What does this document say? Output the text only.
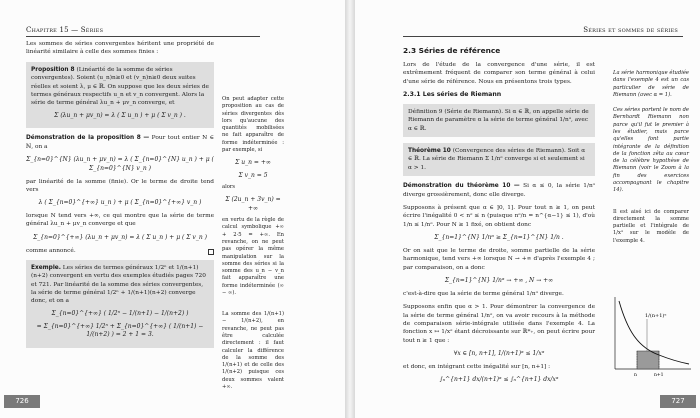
Chapitre 15 — Séries

Les sommes de séries convergentes héritent une propriété de linéarité similaire à celle des sommes finies :

Proposition 8 (Linéarité de la somme de séries convergentes). Soient (u_n)n≥0 et (v_n)n≥0 deux suites réelles et soient λ, μ ∈ ℝ. On suppose que les deux séries de termes généraux respectifs u_n et v_n convergent. Alors la série de terme général λu_n + μv_n converge, et
Σ (λu_n + μv_n) = λ ( Σ u_n ) + μ ( Σ v_n ) .

Démonstration de la proposition 8 — Pour tout entier N ∈ ℕ, on a

Σ_{n=0}^{N} (λu_n + μv_n) = λ ( Σ_{n=0}^{N} u_n ) + μ ( Σ_{n=0}^{N} v_n )

par linéarité de la somme (finie). Or le terme de droite tend vers

λ ( Σ_{n=0}^{+∞} u_n ) + μ ( Σ_{n=0}^{+∞} v_n )

lorsque N tend vers +∞, ce qui montre que la série de terme général λu_n + μv_n converge et que

Σ_{n=0}^{+∞} (λu_n + μv_n) = λ ( Σ u_n ) + μ ( Σ v_n )

comme annoncé.

Exemple. Les séries de termes généraux 1/2ⁿ et 1/(n+1)(n+2) convergent en vertu des exemples étudiés pages 720 et 721. Par linéarité de la somme des séries convergentes, la série de terme général 1/2ⁿ + 1/(n+1)(n+2) converge donc, et on a
Σ_{n=0}^{+∞} ( 1/2ⁿ − 1/(n+1) − 1/(n+2) )
= Σ_{n=0}^{+∞} 1/2ⁿ + Σ_{n=0}^{+∞} ( 1/(n+1) − 1/(n+2) ) = 2 + 1 = 3.

On peut adapter cette proposition au cas de séries divergentes dès lors qu'aucune des quantités mobilisées ne fait apparaître de forme indéterminée : par exemple, si

Σ u_n = +∞
Σ v_n = 5

alors

Σ (2u_n + 3v_n) = +∞

en vertu de la règle de calcul symbolique +∞ + 2·5 = +∞. En revanche, on ne peut pas opérer la même manipulation sur la somme des séries si la somme des u_n − v_n fait apparaître une forme indéterminée (∞ − ∞).

La somme des 1/(n+1) − 1/(n+2), en revanche, ne peut pas être calculée directement : il faut calculer la différence de la somme des 1/(n+1) et de celle des 1/(n+2) puisque ces deux sommes valent +∞.

726
Séries et sommes de séries
2.3 Séries de référence

Lors de l'étude de la convergence d'une série, il est extrêmement fréquent de comparer son terme général à celui d'une série de référence. Nous en présentons trois types.

2.3.1 Les séries de Riemann
Définition 9 (Série de Riemann). Si α ∈ ℝ, on appelle série de Riemann de paramètre α la série de terme général 1/nᵅ, avec α ∈ ℝ.
Théorème 10 (Convergence des séries de Riemann). Soit α ∈ ℝ. La série de Riemann Σ 1/nᵅ converge si et seulement si α > 1.

Démonstration du théorème 10 — Si α ≤ 0, la série 1/nᵅ diverge grossièrement, donc elle diverge.

Supposons à présent que α ∈ ]0, 1]. Pour tout n ≥ 1, on peut écrire l'inégalité 0 < nᵅ ≤ n (puisque nᵅ/n = n^{α−1} ≤ 1), d'où 1/n ≤ 1/nᵅ. Pour N ≥ 1 fixé, on obtient donc

Σ_{n=1}^{N} 1/nᵅ ≥ Σ_{n=1}^{N} 1/n .

Or on sait que le terme de droite, somme partielle de la série harmonique, tend vers +∞ lorsque N → +∞ d'après l'exemple 4 ; par comparaison, on a donc

Σ_{n=1}^{N} 1/nᵅ → +∞ , N → +∞

c'est-à-dire que la série de terme général 1/nᵅ diverge.

Supposons enfin que α > 1. Pour démontrer la convergence de la série de terme général 1/nᵅ, on va avoir recours à la méthode de comparaison série-intégrale utilisée dans l'exemple 4. La fonction x ↦ 1/xᵅ étant décroissante sur ℝ*₊, on peut écrire pour tout n ≥ 1 que :

∀x ∈ [n, n+1], 1/(n+1)ᵅ ≤ 1/xᵅ

et donc, en intégrant cette inégalité sur [n, n+1] :

∫ₙ^{n+1} dx/(n+1)ᵅ ≤ ∫ₙ^{n+1} dx/xᵅ

La série harmonique étudiée dans l'exemple 4 est un cas particulier de série de Riemann (avec α = 1).

Ces séries portent le nom de Bernhardt Riemann non parce qu'il fut le premier à les étudier, mais parce qu'elles font partie intégrante de la définition de la fonction zêta au cœur de la célèbre hypothèse de Riemann (voir le Zoom à la fin des exercices accompagnant le chapitre 14).

Il est aisé ici de comparer directement la somme partielle et l'intégrale de 1/xᵅ sur le modèle de l'exemple 4.

1/(n+1)ᵅ
n	n+1
727
